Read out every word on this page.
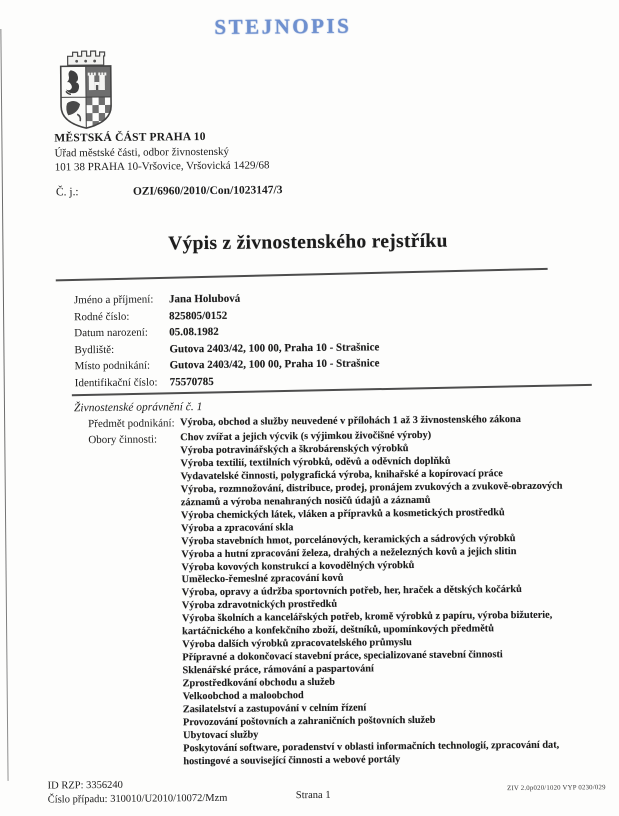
STEJNOPIS
MĚSTSKÁ ČÁST PRAHA 10
Úřad městské části, odbor živnostenský
101 38 PRAHA 10-Vršovice, Vršovická 1429/68
Č. j.:	OZI/6960/2010/Con/1023147/3
Výpis z živnostenského rejstříku
Jméno a příjmení:	Jana Holubová
Rodné číslo:	825805/0152
Datum narození:	05.08.1982
Bydliště:	Gutova 2403/42, 100 00, Praha 10 - Strašnice
Místo podnikání:	Gutova 2403/42, 100 00, Praha 10 - Strašnice
Identifikační číslo:	75570785
Živnostenské oprávnění č. 1
Předmět podnikání: Výroba, obchod a služby neuvedené v přílohách 1 až 3 živnostenského zákona
Obory činnosti: Chov zvířat a jejich výcvik (s výjimkou živočišné výroby)
Výroba potravinářských a škrobárenských výrobků
Výroba textilií, textilních výrobků, oděvů a oděvních doplňků
Vydavatelské činnosti, polygrafická výroba, knihařské a kopírovací práce
Výroba, rozmnožování, distribuce, prodej, pronájem zvukových a zvukově-obrazových záznamů a výroba nenahraných nosičů údajů a záznamů
Výroba chemických látek, vláken a přípravků a kosmetických prostředků
Výroba a zpracování skla
Výroba stavebních hmot, porcelánových, keramických a sádrových výrobků
Výroba a hutní zpracování železa, drahých a neželezných kovů a jejich slitin
Výroba kovových konstrukcí a kovodělných výrobků
Umělecko-řemeslné zpracování kovů
Výroba, opravy a údržba sportovních potřeb, her, hraček a dětských kočárků
Výroba zdravotnických prostředků
Výroba školních a kancelářských potřeb, kromě výrobků z papíru, výroba bižuterie, kartáčnického a konfekčního zboží, deštníků, upomínkových předmětů
Výroba dalších výrobků zpracovatelského průmyslu
Přípravné a dokončovací stavební práce, specializované stavební činnosti
Sklenářské práce, rámování a paspartování
Zprostředkování obchodu a služeb
Velkoobchod a maloobchod
Zasilatelství a zastupování v celním řízení
Provozování poštovních a zahraničních poštovních služeb
Ubytovací služby
Poskytování software, poradenství v oblasti informačních technologií, zpracování dat, hostingové a související činnosti a webové portály
ID RZP: 3356240
Číslo případu: 310010/U2010/10072/Mzm	Strana 1
ZIV 2.0p020/1020 VYP 0230/029
